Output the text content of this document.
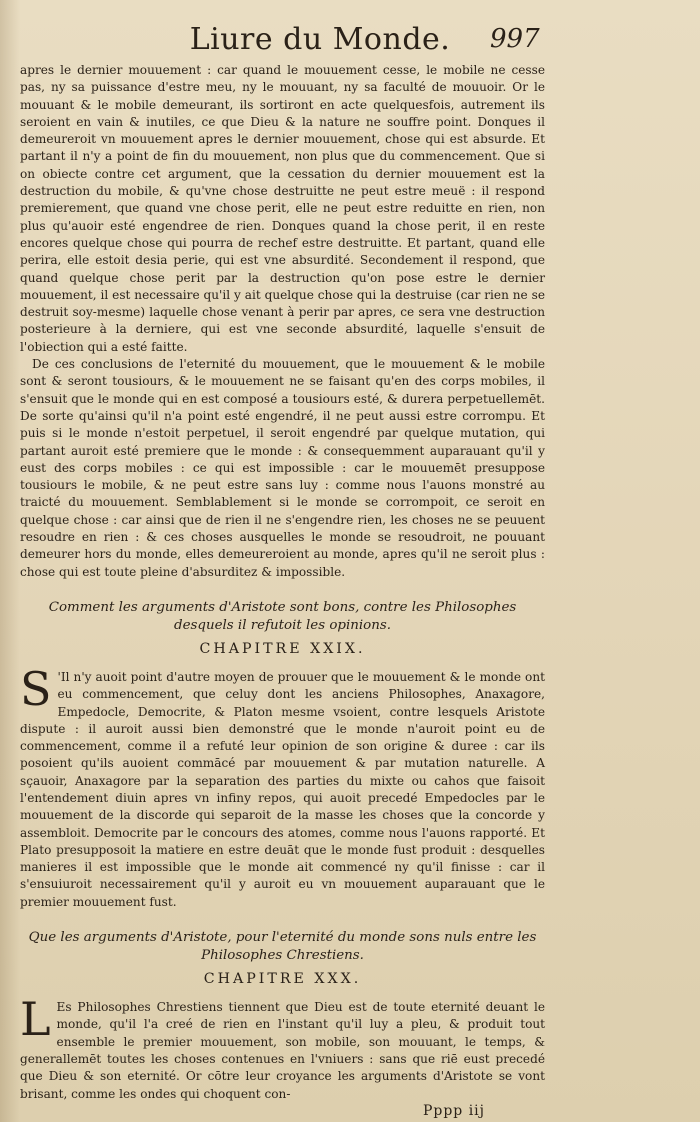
Liure du Monde.	997

apres le dernier mouuement : car quand le mouuement cesse, le mobile ne cesse pas, ny sa puissance d'estre meu, ny le mouuant, ny sa faculté de mouuoir. Or le mouuant & le mobile demeurant, ils sortiront en acte quelquesfois, autrement ils seroient en vain & inutiles, ce que Dieu & la nature ne souffre point. Donques il demeureroit vn mouuement apres le dernier mouuement, chose qui est absurde. Et partant il n'y a point de fin du mouuement, non plus que du commencement. Que si on obiecte contre cet argument, que la cessation du dernier mouuement est la destruction du mobile, & qu'vne chose destruitte ne peut estre meuë : il respond premierement, que quand vne chose perit, elle ne peut estre reduitte en rien, non plus qu'auoir esté engendree de rien. Donques quand la chose perit, il en reste encores quelque chose qui pourra de rechef estre destruitte. Et partant, quand elle perira, elle estoit desia perie, qui est vne absurdité. Secondement il respond, que quand quelque chose perit par la destruction qu'on pose estre le dernier mouuement, il est necessaire qu'il y ait quelque chose qui la destruise (car rien ne se destruit soy-mesme) laquelle chose venant à perir par apres, ce sera vne destruction posterieure à la derniere, qui est vne seconde absurdité, laquelle s'ensuit de l'obiection qui a esté faitte.

De ces conclusions de l'eternité du mouuement, que le mouuement & le mobile sont & seront tousiours, & le mouuement ne se faisant qu'en des corps mobiles, il s'ensuit que le monde qui en est composé a tousiours esté, & durera perpetuellemēt. De sorte qu'ainsi qu'il n'a point esté engendré, il ne peut aussi estre corrompu. Et puis si le monde n'estoit perpetuel, il seroit engendré par quelque mutation, qui partant auroit esté premiere que le monde : & consequemment auparauant qu'il y eust des corps mobiles : ce qui est impossible : car le mouuemēt presuppose tousiours le mobile, & ne peut estre sans luy : comme nous l'auons monstré au traicté du mouuement. Semblablement si le monde se corrompoit, ce seroit en quelque chose : car ainsi que de rien il ne s'engendre rien, les choses ne se peuuent resoudre en rien : & ces choses ausquelles le monde se resoudroit, ne pouuant demeurer hors du monde, elles demeureroient au monde, apres qu'il ne seroit plus : chose qui est toute pleine d'absurditez & impossible.

Comment les arguments d'Aristote sont bons, contre les Philosophes desquels il refutoit les opinions.
CHAPITRE XXIX.

S 'Il n'y auoit point d'autre moyen de prouuer que le mouuement & le monde ont eu commencement, que celuy dont les anciens Philosophes, Anaxagore, Empedocle, Democrite, & Platon mesme vsoient, contre lesquels Aristote dispute : il auroit aussi bien demonstré que le monde n'auroit point eu de commencement, comme il a refuté leur opinion de son origine & duree : car ils posoient qu'ils auoient commācé par mouuement & par mutation naturelle. A sçauoir, Anaxagore par la separation des parties du mixte ou cahos que faisoit l'entendement diuin apres vn infiny repos, qui auoit precedé Empedocles par le mouuement de la discorde qui separoit de la masse les choses que la concorde y assembloit. Democrite par le concours des atomes, comme nous l'auons rapporté. Et Plato presupposoit la matiere en estre deuāt que le monde fust produit : desquelles manieres il est impossible que le monde ait commencé ny qu'il finisse : car il s'ensuiuroit necessairement qu'il y auroit eu vn mouuement auparauant que le premier mouuement fust.

Que les arguments d'Aristote, pour l'eternité du monde sons nuls entre les Philosophes Chrestiens.
CHAPITRE XXX.

L Es Philosophes Chrestiens tiennent que Dieu est de toute eternité deuant le monde, qu'il l'a creé de rien en l'instant qu'il luy a pleu, & produit tout ensemble le premier mouuement, son mobile, son mouuant, le temps, & generallemēt toutes les choses contenues en l'vniuers : sans que riē eust precedé que Dieu & son eternité. Or cōtre leur croyance les arguments d'Aristote se vont brisant, comme les ondes qui choquent con-

Pppp iij
